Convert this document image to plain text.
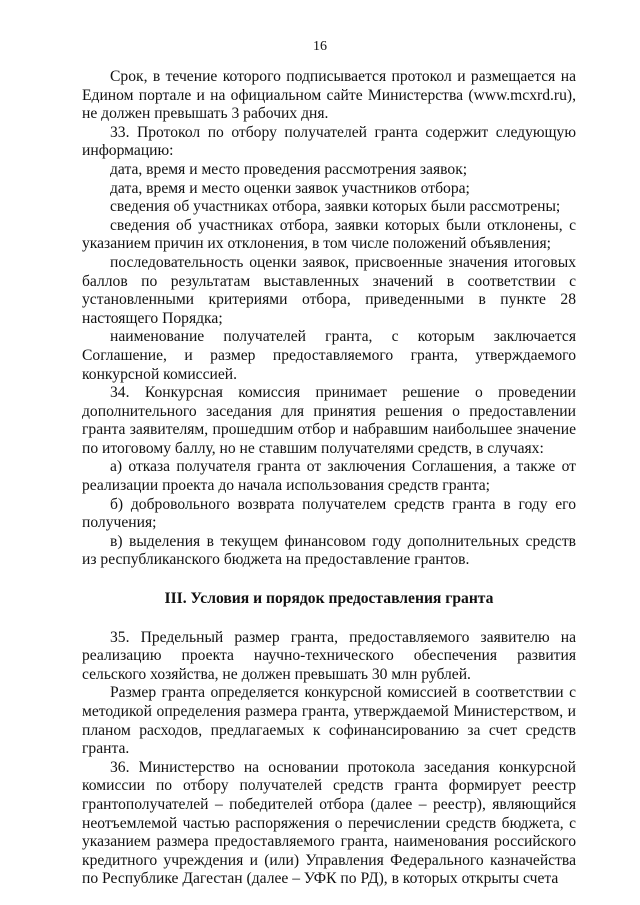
16

Срок, в течение которого подписывается протокол и размещается на Едином портале и на официальном сайте Министерства (www.mcxrd.ru), не должен превышать 3 рабочих дня.

33. Протокол по отбору получателей гранта содержит следующую информацию:

дата, время и место проведения рассмотрения заявок;

дата, время и место оценки заявок участников отбора;

сведения об участниках отбора, заявки которых были рассмотрены;

сведения об участниках отбора, заявки которых были отклонены, с указанием причин их отклонения, в том числе положений объявления;

последовательность оценки заявок, присвоенные значения итоговых баллов по результатам выставленных значений в соответствии с установленными критериями отбора, приведенными в пункте 28 настоящего Порядка;

наименование получателей гранта, с которым заключается Соглашение, и размер предоставляемого гранта, утверждаемого конкурсной комиссией.

34. Конкурсная комиссия принимает решение о проведении дополнительного заседания для принятия решения о предоставлении гранта заявителям, прошедшим отбор и набравшим наибольшее значение по итоговому баллу, но не ставшим получателями средств, в случаях:

а) отказа получателя гранта от заключения Соглашения, а также от реализации проекта до начала использования средств гранта;

б) добровольного возврата получателем средств гранта в году его получения;

в) выделения в текущем финансовом году дополнительных средств из республиканского бюджета на предоставление грантов.

III. Условия и порядок предоставления гранта

35. Предельный размер гранта, предоставляемого заявителю на реализацию проекта научно-технического обеспечения развития сельского хозяйства, не должен превышать 30 млн рублей.

Размер гранта определяется конкурсной комиссией в соответствии с методикой определения размера гранта, утверждаемой Министерством, и планом расходов, предлагаемых к софинансированию за счет средств гранта.

36. Министерство на основании протокола заседания конкурсной комиссии по отбору получателей средств гранта формирует реестр грантополучателей – победителей отбора (далее – реестр), являющийся неотъемлемой частью распоряжения о перечислении средств бюджета, с указанием размера предоставляемого гранта, наименования российского кредитного учреждения и (или) Управления Федерального казначейства по Республике Дагестан (далее – УФК по РД), в которых открыты счета
